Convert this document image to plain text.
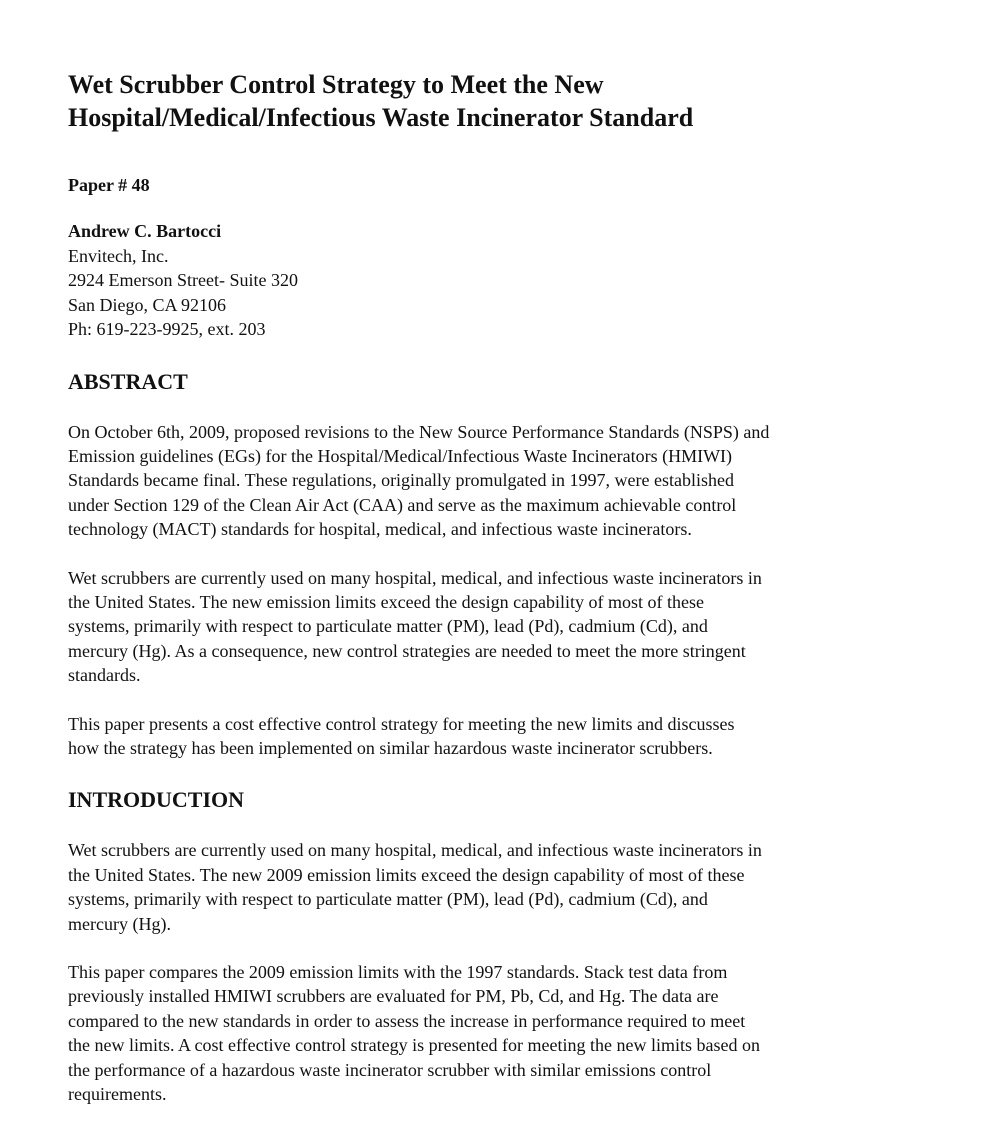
Wet Scrubber Control Strategy to Meet the New
Hospital/Medical/Infectious Waste Incinerator Standard
Paper # 48
Andrew C. Bartocci
Envitech, Inc.
2924 Emerson Street- Suite 320
San Diego, CA 92106
Ph: 619-223-9925, ext. 203
ABSTRACT

On October 6th, 2009, proposed revisions to the New Source Performance Standards (NSPS) and
Emission guidelines (EGs) for the Hospital/Medical/Infectious Waste Incinerators (HMIWI)
Standards became final. These regulations, originally promulgated in 1997, were established
under Section 129 of the Clean Air Act (CAA) and serve as the maximum achievable control
technology (MACT) standards for hospital, medical, and infectious waste incinerators.

Wet scrubbers are currently used on many hospital, medical, and infectious waste incinerators in
the United States. The new emission limits exceed the design capability of most of these
systems, primarily with respect to particulate matter (PM), lead (Pd), cadmium (Cd), and
mercury (Hg). As a consequence, new control strategies are needed to meet the more stringent
standards.

This paper presents a cost effective control strategy for meeting the new limits and discusses
how the strategy has been implemented on similar hazardous waste incinerator scrubbers.

INTRODUCTION

Wet scrubbers are currently used on many hospital, medical, and infectious waste incinerators in
the United States. The new 2009 emission limits exceed the design capability of most of these
systems, primarily with respect to particulate matter (PM), lead (Pd), cadmium (Cd), and
mercury (Hg).

This paper compares the 2009 emission limits with the 1997 standards. Stack test data from
previously installed HMIWI scrubbers are evaluated for PM, Pb, Cd, and Hg. The data are
compared to the new standards in order to assess the increase in performance required to meet
the new limits. A cost effective control strategy is presented for meeting the new limits based on
the performance of a hazardous waste incinerator scrubber with similar emissions control
requirements.
